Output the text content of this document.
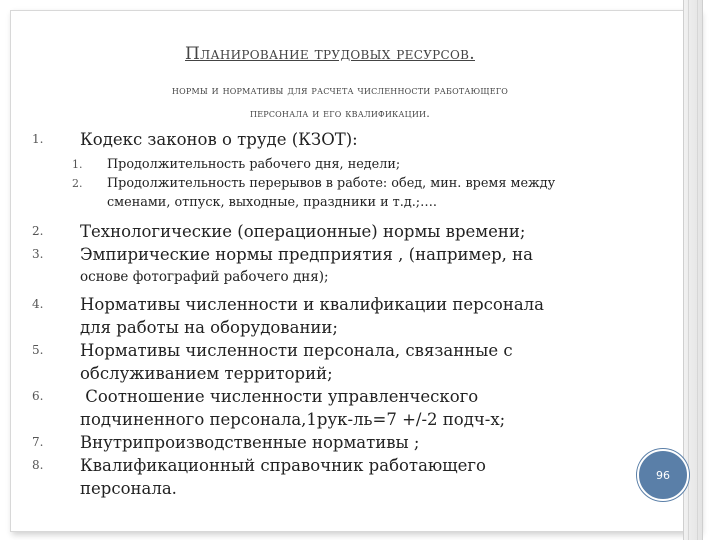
Планирование трудовых ресурсов.
нормы и нормативы для расчета численности работающего
персонала и его квалификации.
1. Кодекс законов о труде (КЗОТ):
1. Продолжительность рабочего дня, недели;
2. Продолжительность перерывов в работе: обед, мин. время между
сменами, отпуск, выходные, праздники и т.д.;….
2. Технологические (операционные) нормы времени;
3. Эмпирические нормы предприятия , (например, на
основе фотографий рабочего дня);
4. Нормативы численности и квалификации персонала
для работы на оборудовании;
5. Нормативы численности персонала, связанные с
обслуживанием территорий;
6. Соотношение численности управленческого
подчиненного персонала,1рук-ль=7 +/-2 подч-х;
7. Внутрипроизводственные нормативы ;
8. Квалификационный справочник работающего
персонала.
96
